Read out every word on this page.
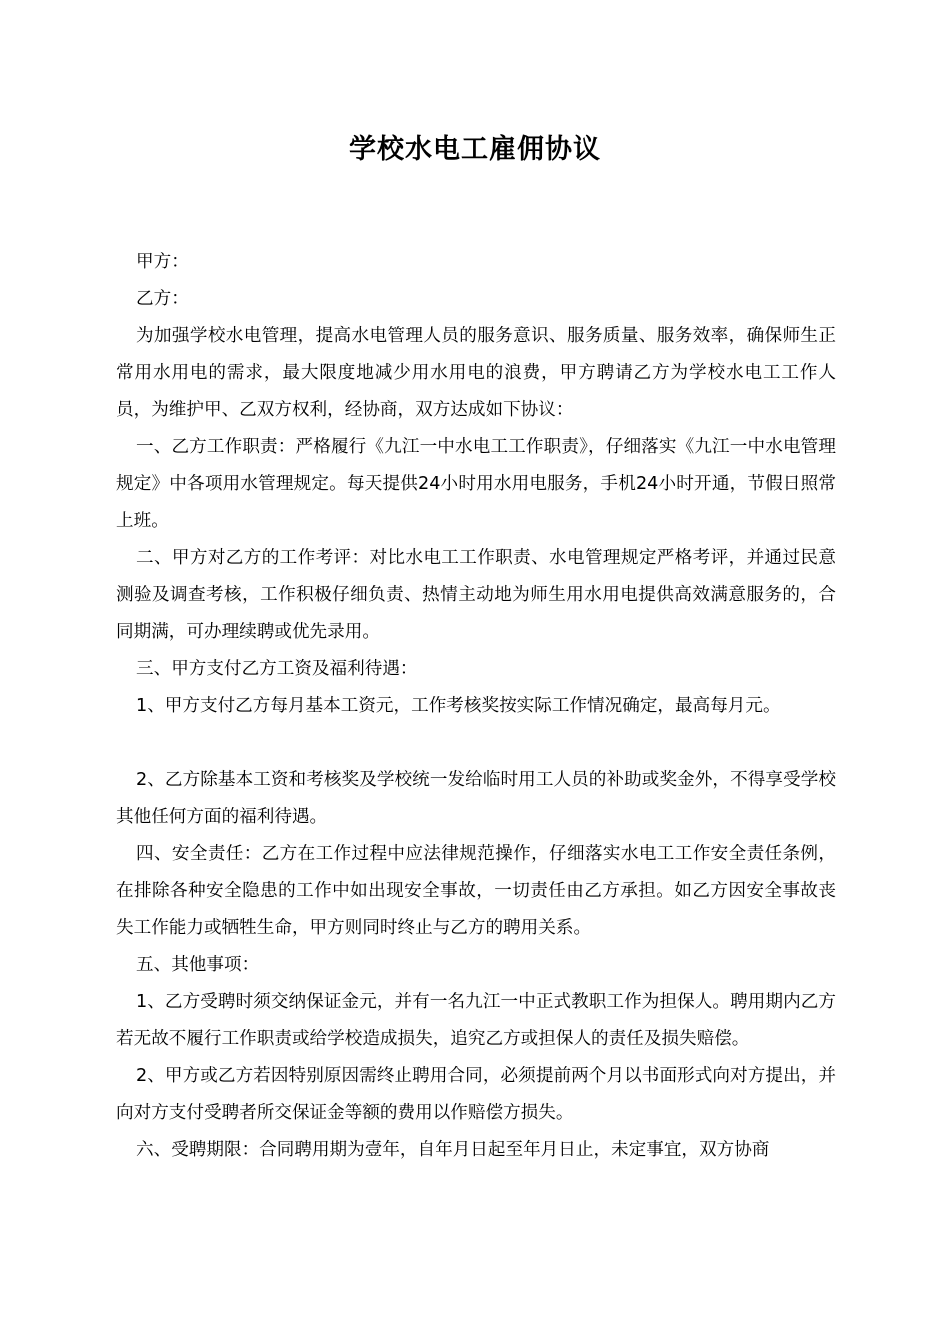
学校水电工雇佣协议

甲方：

乙方：

为加强学校水电管理，提高水电管理人员的服务意识、服务质量、服务效率，确保师生正常用水用电的需求，最大限度地减少用水用电的浪费，甲方聘请乙方为学校水电工工作人员，为维护甲、乙双方权利，经协商，双方达成如下协议：

一、乙方工作职责：严格履行《九江一中水电工工作职责》，仔细落实《九江一中水电管理规定》中各项用水管理规定。每天提供24小时用水用电服务，手机24小时开通，节假日照常上班。

二、甲方对乙方的工作考评：对比水电工工作职责、水电管理规定严格考评，并通过民意测验及调查考核，工作积极仔细负责、热情主动地为师生用水用电提供高效满意服务的，合同期满，可办理续聘或优先录用。

三、甲方支付乙方工资及福利待遇：

1、甲方支付乙方每月基本工资元，工作考核奖按实际工作情况确定，最高每月元。

2、乙方除基本工资和考核奖及学校统一发给临时用工人员的补助或奖金外，不得享受学校其他任何方面的福利待遇。

四、安全责任：乙方在工作过程中应法律规范操作，仔细落实水电工工作安全责任条例，在排除各种安全隐患的工作中如出现安全事故，一切责任由乙方承担。如乙方因安全事故丧失工作能力或牺牲生命，甲方则同时终止与乙方的聘用关系。

五、其他事项：

1、乙方受聘时须交纳保证金元，并有一名九江一中正式教职工作为担保人。聘用期内乙方若无故不履行工作职责或给学校造成损失，追究乙方或担保人的责任及损失赔偿。

2、甲方或乙方若因特别原因需终止聘用合同，必须提前两个月以书面形式向对方提出，并向对方支付受聘者所交保证金等额的费用以作赔偿方损失。

六、受聘期限：合同聘用期为壹年，自年月日起至年月日止，未定事宜，双方协商
